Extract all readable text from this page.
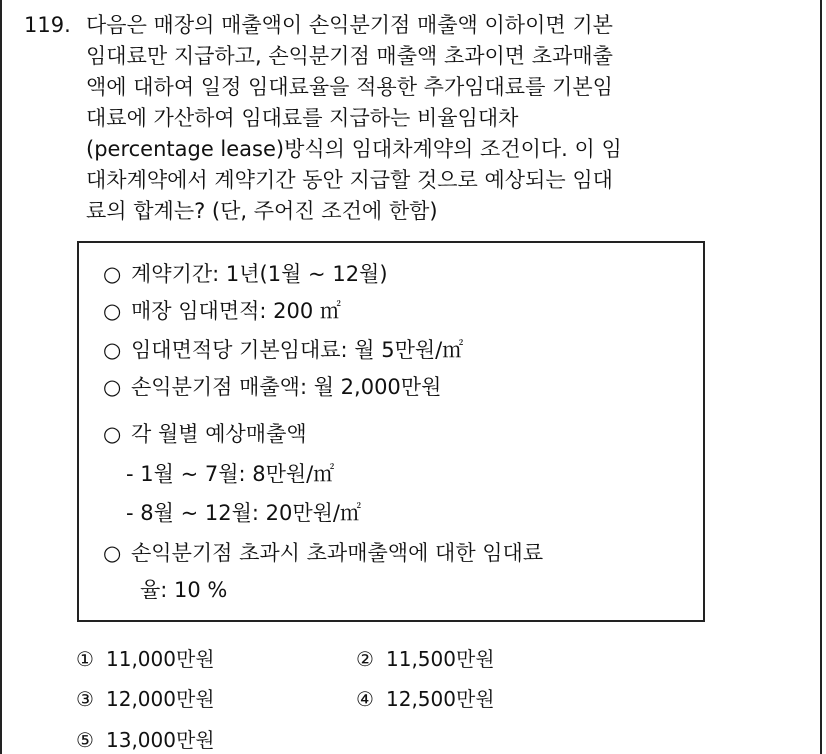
119. 다음은 매장의 매출액이 손익분기점 매출액 이하이면 기본
임대료만 지급하고, 손익분기점 매출액 초과이면 초과매출
액에 대하여 일정 임대료율을 적용한 추가임대료를 기본임
대료에 가산하여 임대료를 지급하는 비율임대차
(percentage lease)방식의 임대차계약의 조건이다. 이 임
대차계약에서 계약기간 동안 지급할 것으로 예상되는 임대
료의 합계는? (단, 주어진 조건에 한함)
○ 계약기간: 1년(1월 ~ 12월)
○ 매장 임대면적: 200 ㎡
○ 임대면적당 기본임대료: 월 5만원/㎡
○ 손익분기점 매출액: 월 2,000만원
○ 각 월별 예상매출액
- 1월 ~ 7월: 8만원/㎡
- 8월 ~ 12월: 20만원/㎡
○ 손익분기점 초과시 초과매출액에 대한 임대료
율: 10 %
① 11,000만원	② 11,500만원
③ 12,000만원	④ 12,500만원
⑤ 13,000만원
